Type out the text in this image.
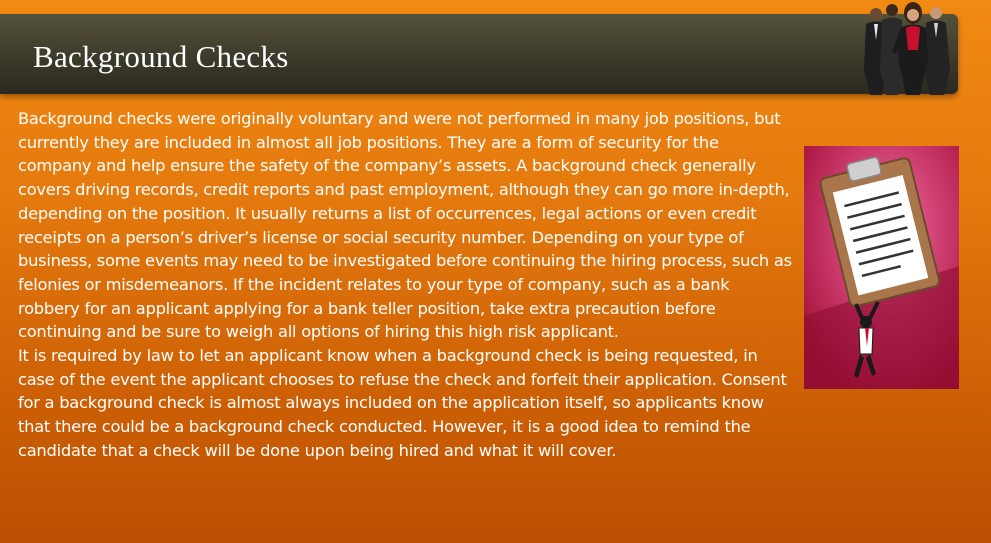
Background Checks

Background checks were originally voluntary and were not performed in many job positions, but currently they are included in almost all job positions. They are a form of security for the company and help ensure the safety of the company’s assets. A background check generally covers driving records, credit reports and past employment, although they can go more in-depth, depending on the position. It usually returns a list of occurrences, legal actions or even credit receipts on a person’s driver’s license or social security number. Depending on your type of business, some events may need to be investigated before continuing the hiring process, such as felonies or misdemeanors. If the incident relates to your type of company, such as a bank robbery for an applicant applying for a bank teller position, take extra precaution before continuing and be sure to weigh all options of hiring this high risk applicant.

It is required by law to let an applicant know when a background check is being requested, in case of the event the applicant chooses to refuse the check and forfeit their application. Consent for a background check is almost always included on the application itself, so applicants know that there could be a background check conducted. However, it is a good idea to remind the candidate that a check will be done upon being hired and what it will cover.
